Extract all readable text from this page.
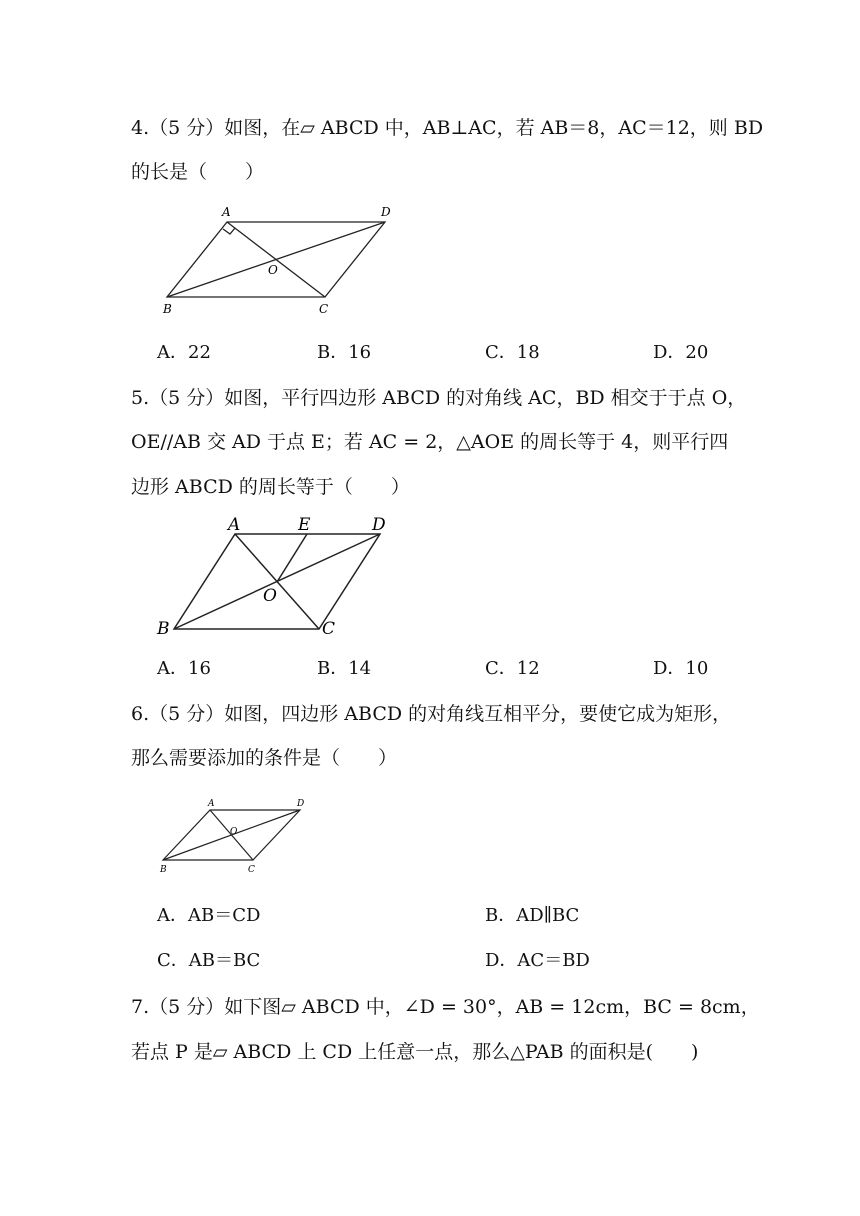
4.（5 分）如图，在▱ ABCD 中，AB⊥AC，若 AB＝8，AC＝12，则 BD
的长是（　　）
A	D
O
B	C
A．22	B．16	C．18	D．20
5.（5 分）如图，平行四边形 ABCD 的对角线 AC，BD 相交于于点 O，
OE//AB 交 AD 于点 E；若 AC = 2，△AOE 的周长等于 4，则平行四
边形 ABCD 的周长等于（　　）
A	E	D
O
B	C
A．16	B．14	C．12	D．10
6.（5 分）如图，四边形 ABCD 的对角线互相平分，要使它成为矩形，
那么需要添加的条件是（　　）
A	D
O
B	C
A．AB＝CD	B．AD∥BC
C．AB＝BC	D．AC＝BD
7.（5 分）如下图▱ ABCD 中，∠D = 30°，AB = 12cm，BC = 8cm，
若点 P 是▱ ABCD 上 CD 上任意一点，那么△PAB 的面积是(　　)
